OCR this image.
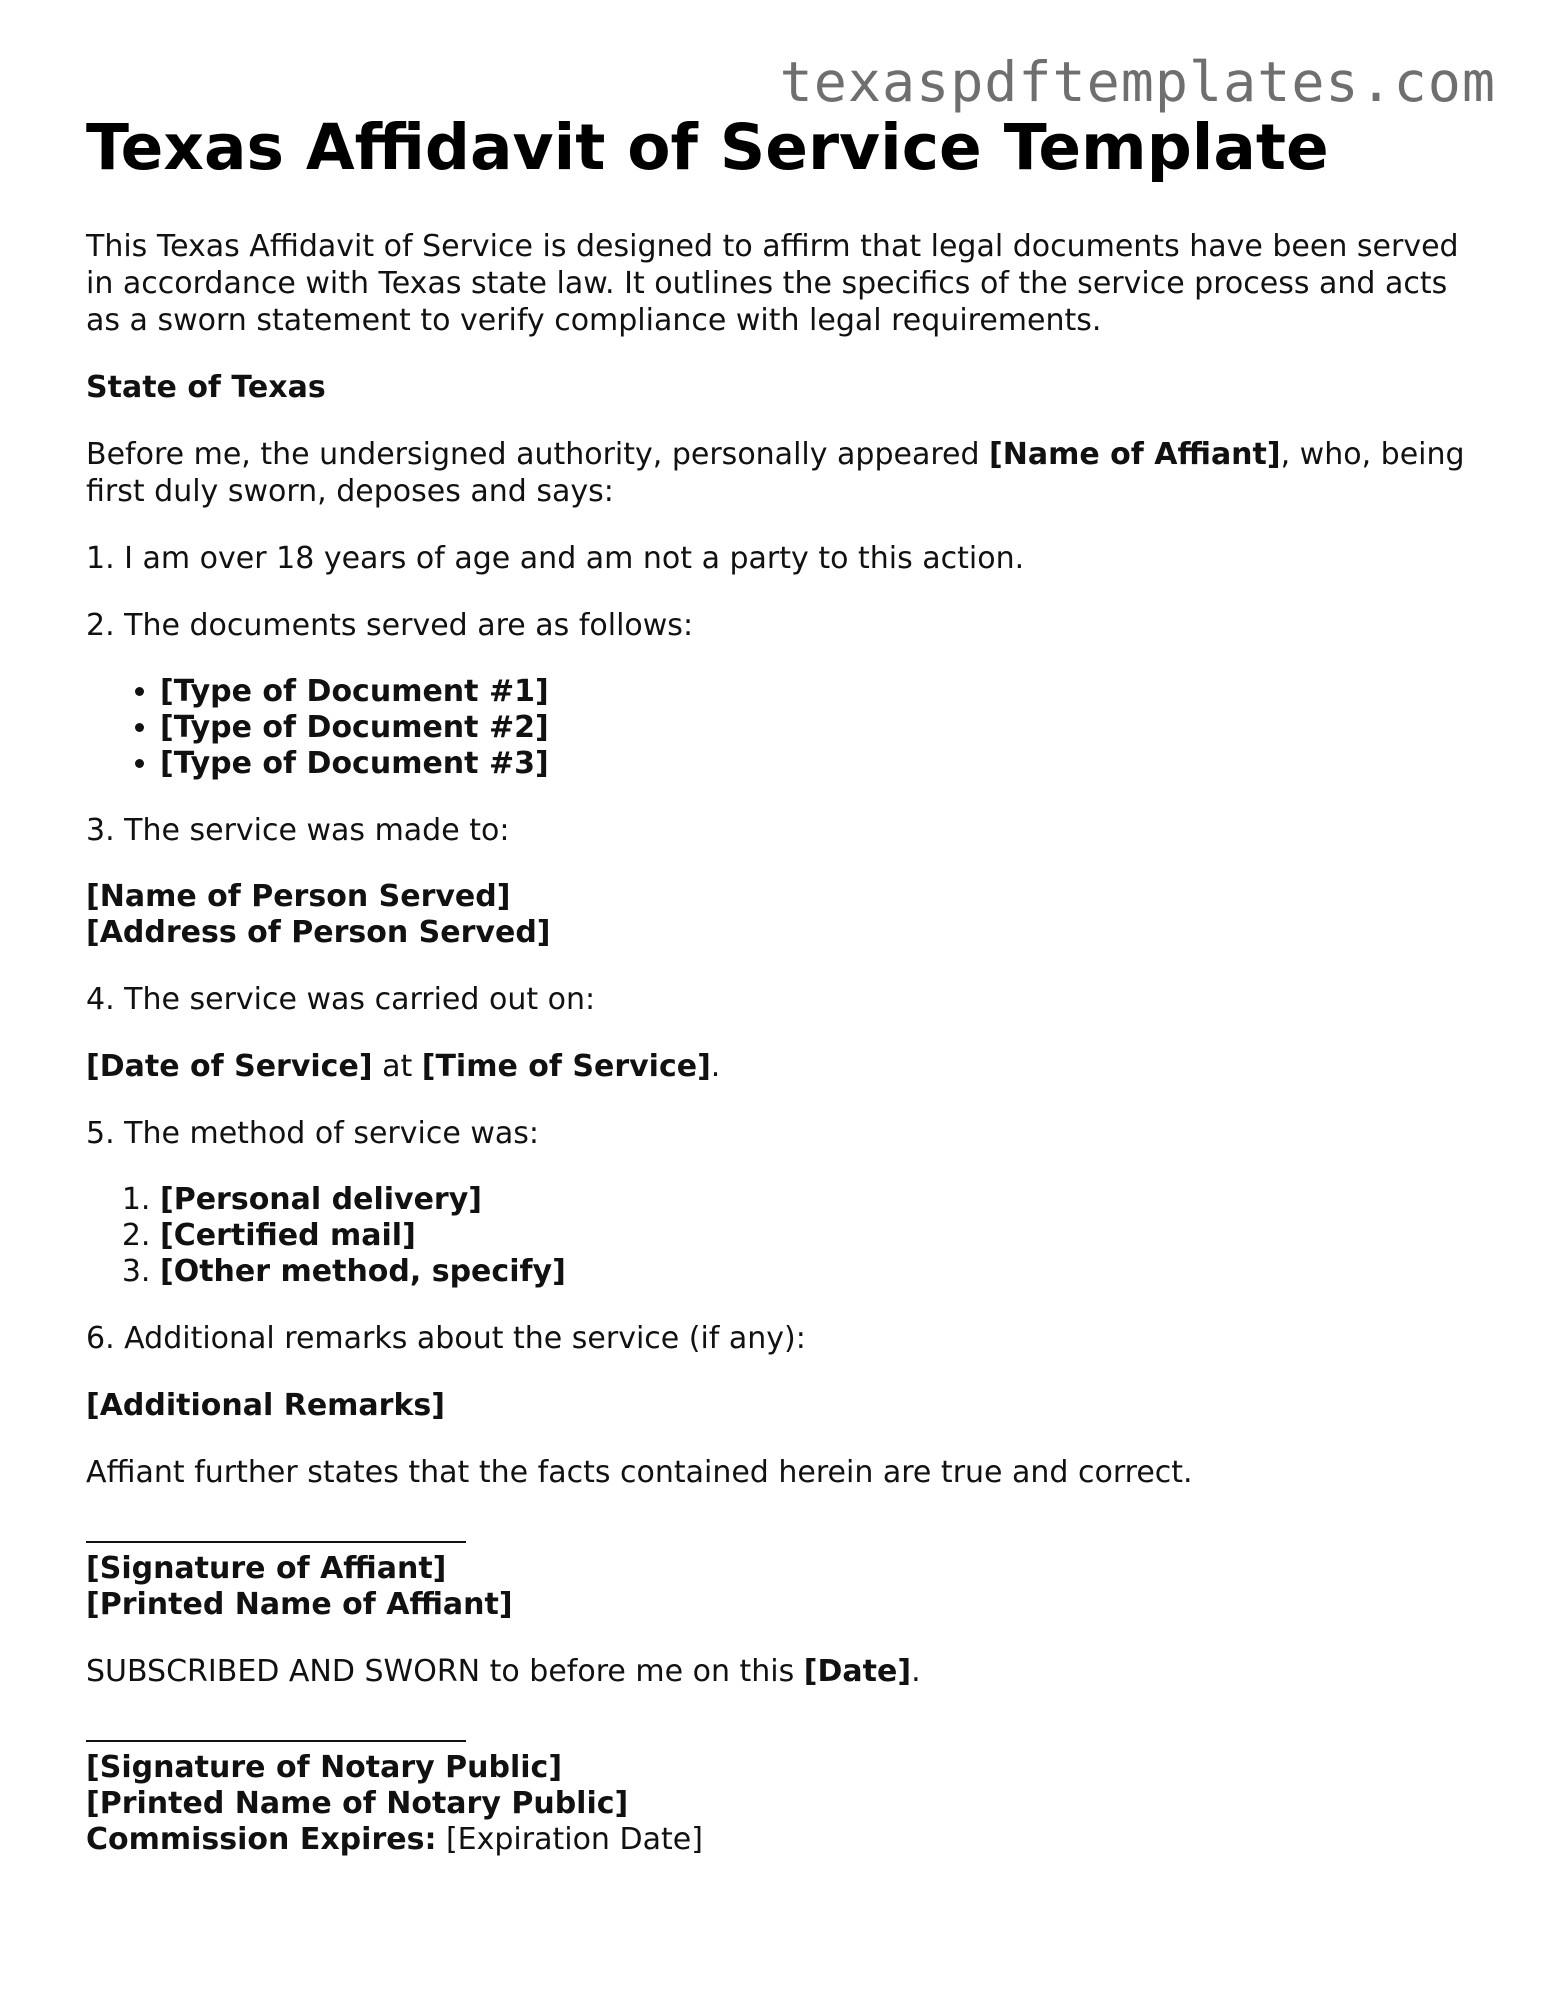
texaspdftemplates.com
Texas Affidavit of Service Template

This Texas Affidavit of Service is designed to affirm that legal documents have been served in accordance with Texas state law. It outlines the specifics of the service process and acts as a sworn statement to verify compliance with legal requirements.

State of Texas

Before me, the undersigned authority, personally appeared [Name of Affiant], who, being first duly sworn, deposes and says:

1. I am over 18 years of age and am not a party to this action.

2. The documents served are as follows:

• [Type of Document #1]
• [Type of Document #2]
• [Type of Document #3]

3. The service was made to:

[Name of Person Served]
[Address of Person Served]

4. The service was carried out on:

[Date of Service] at [Time of Service].

5. The method of service was:

1. [Personal delivery]
2. [Certified mail]
3. [Other method, specify]

6. Additional remarks about the service (if any):

[Additional Remarks]

Affiant further states that the facts contained herein are true and correct.

[Signature of Affiant]
[Printed Name of Affiant]

SUBSCRIBED AND SWORN to before me on this [Date].

[Signature of Notary Public]
[Printed Name of Notary Public]
Commission Expires: [Expiration Date]
